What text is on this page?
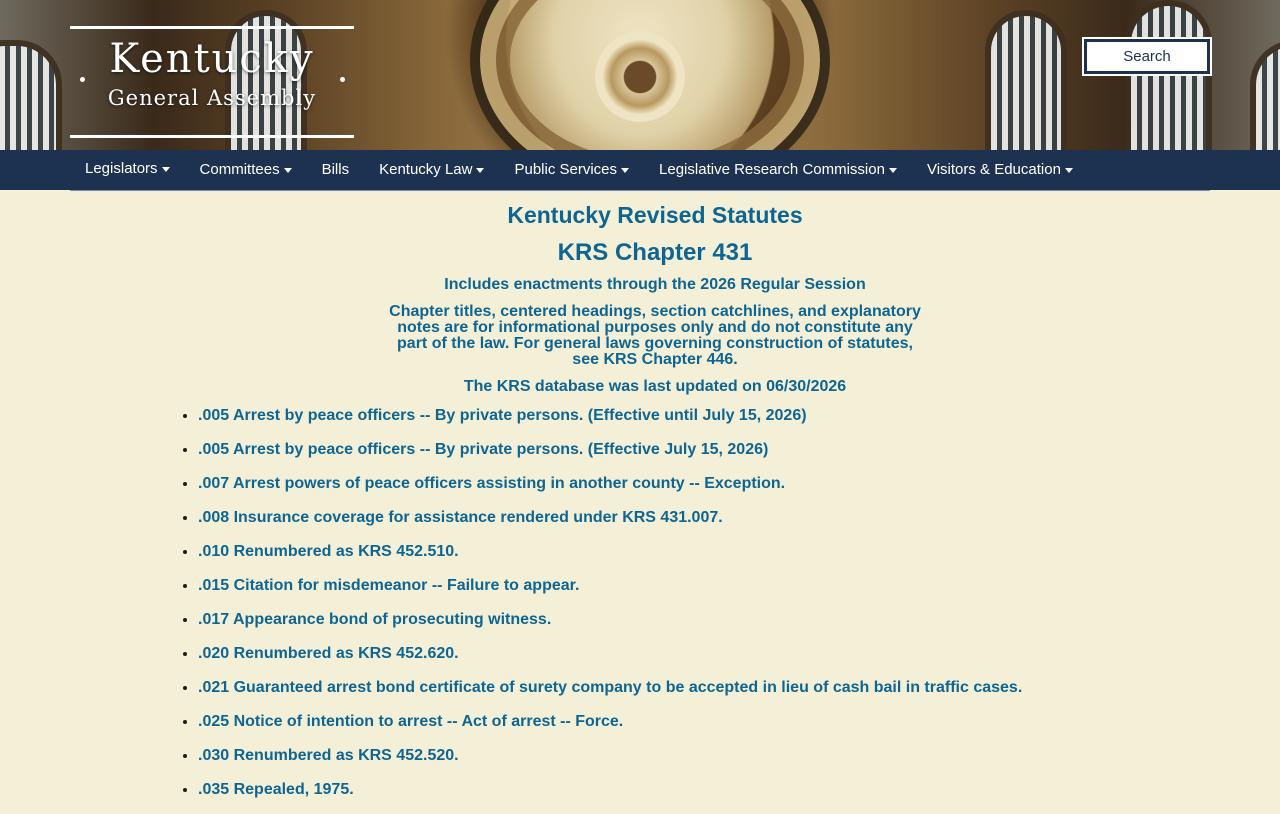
Kentucky
General Assembly
Search
Legislators	Committees	Bills Kentucky Law	Public Services	Legislative Research Commission	Visitors & Education
Kentucky Revised Statutes
KRS Chapter 431
Includes enactments through the 2026 Regular Session
Chapter titles, centered headings, section catchlines, and explanatory notes are for informational purposes only and do not constitute any part of the law. For general laws governing construction of statutes, see KRS Chapter 446.
The KRS database was last updated on 06/30/2026
• .005 Arrest by peace officers -- By private persons. (Effective until July 15, 2026)
• .005 Arrest by peace officers -- By private persons. (Effective July 15, 2026)
• .007 Arrest powers of peace officers assisting in another county -- Exception.
• .008 Insurance coverage for assistance rendered under KRS 431.007.
• .010 Renumbered as KRS 452.510.
• .015 Citation for misdemeanor -- Failure to appear.
• .017 Appearance bond of prosecuting witness.
• .020 Renumbered as KRS 452.620.
• .021 Guaranteed arrest bond certificate of surety company to be accepted in lieu of cash bail in traffic cases.
• .025 Notice of intention to arrest -- Act of arrest -- Force.
• .030 Renumbered as KRS 452.520.
• .035 Repealed, 1975.
